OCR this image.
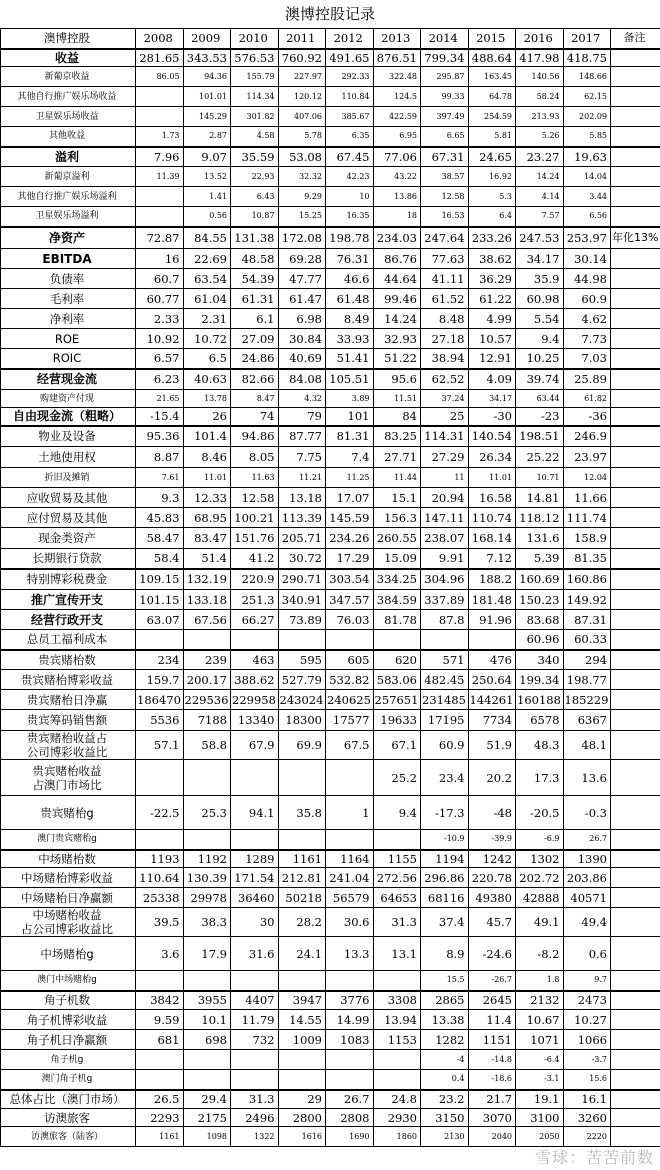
澳博控股记录
澳博控股	2008	2009	2010	2011	2012	2013	2014	2015	2016	2017	备注
收益	281.65	343.53	576.53	760.92	491.65	876.51	799.34	488.64	417.98	418.75	
新葡京收益	86.05	94.36	155.79	227.97	292.33	322.48	295.87	163.45	140.56	148.66	
其他自行推广娱乐场收益		101.01	114.34	120.12	110.84	124.5	99.33	64.78	58.24	62.15	
卫星娱乐场收益		145.29	301.82	407.06	385.67	422.59	397.49	254.59	213.93	202.09	
其他收益	1.73	2.87	4.58	5.78	6.35	6.95	6.65	5.81	5.26	5.85	
溢利	7.96	9.07	35.59	53.08	67.45	77.06	67.31	24.65	23.27	19.63	
新葡京溢利	11.39	13.52	22.93	32.32	42.23	43.22	38.57	16.92	14.24	14.04	
其他自行推广娱乐场溢利		1.41	6.43	9.29	10	13.86	12.58	5.3	4.14	3.44	
卫星娱乐场溢利		0.56	10.87	15.25	16.35	18	16.53	6.4	7.57	6.56	
净资产	72.87	84.55	131.38	172.08	198.78	234.03	247.64	233.26	247.53	253.97	年化13%
EBITDA	16	22.69	48.58	69.28	76.31	86.76	77.63	38.62	34.17	30.14	
负债率	60.7	63.54	54.39	47.77	46.6	44.64	41.11	36.29	35.9	44.98	
毛利率	60.77	61.04	61.31	61.47	61.48	99.46	61.52	61.22	60.98	60.9	
净利率	2.33	2.31	6.1	6.98	8.49	14.24	8.48	4.99	5.54	4.62	
ROE	10.92	10.72	27.09	30.84	33.93	32.93	27.18	10.57	9.4	7.73	
ROIC	6.57	6.5	24.86	40.69	51.41	51.22	38.94	12.91	10.25	7.03	
经营现金流	6.23	40.63	82.66	84.08	105.51	95.6	62.52	4.09	39.74	25.89	
购建资产付现	21.65	13.78	8.47	4.32	3.89	11.51	37.24	34.17	63.44	61.82	
自由现金流（粗略）	-15.4	26	74	79	101	84	25	-30	-23	-36	
物业及设备	95.36	101.4	94.86	87.77	81.31	83.25	114.31	140.54	198.51	246.9	
土地使用权	8.87	8.46	8.05	7.75	7.4	27.71	27.29	26.34	25.22	23.97	
折旧及摊销	7.61	11.01	11.63	11.21	11.25	11.44	11	11.01	10.71	12.04	
应收贸易及其他	9.3	12.33	12.58	13.18	17.07	15.1	20.94	16.58	14.81	11.66	
应付贸易及其他	45.83	68.95	100.21	113.39	145.59	156.3	147.11	110.74	118.12	111.74	
现金类资产	58.47	83.47	151.76	205.71	234.26	260.55	238.07	168.14	131.6	158.9	
长期银行贷款	58.4	51.4	41.2	30.72	17.29	15.09	9.91	7.12	5.39	81.35	
特别博彩税费金	109.15	132.19	220.9	290.71	303.54	334.25	304.96	188.2	160.69	160.86	
推广宣传开支	101.15	133.18	251.3	340.91	347.57	384.59	337.89	181.48	150.23	149.92	
经营行政开支	63.07	67.56	66.27	73.89	76.03	81.78	87.8	91.96	83.68	87.31	
总员工福利成本									60.96	60.33	
贵宾赌枱数	234	239	463	595	605	620	571	476	340	294	
贵宾赌枱博彩收益	159.7	200.17	388.62	527.79	532.82	583.06	482.45	250.64	199.34	198.77	
贵宾赌枱日净赢	186470	229536	229958	243024	240625	257651	231485	144261	160188	185229	
贵宾筹码销售额	5536	7188	13340	18300	17577	19633	17195	7734	6578	6367	
贵宾赌枱收益占
公司博彩收益比	57.1	58.8	67.9	69.9	67.5	67.1	60.9	51.9	48.3	48.1	
贵宾赌枱收益
占澳门市场比						25.2	23.4	20.2	17.3	13.6	
贵宾赌枱g	-22.5	25.3	94.1	35.8	1	9.4	-17.3	-48	-20.5	-0.3	
澳门贵宾赌枱g							-10.9	-39.9	-6.9	26.7	
中场赌枱数	1193	1192	1289	1161	1164	1155	1194	1242	1302	1390	
中场赌枱博彩收益	110.64	130.39	171.54	212.81	241.04	272.56	296.86	220.78	202.72	203.86	
中场赌枱日净赢额	25338	29978	36460	50218	56579	64653	68116	49380	42888	40571	
中场赌枱收益
占公司博彩收益比	39.5	38.3	30	28.2	30.6	31.3	37.4	45.7	49.1	49.4	
中场赌枱g	3.6	17.9	31.6	24.1	13.3	13.1	8.9	-24.6	-8.2	0.6	
澳门中场赌枱g							15.5	-26.7	1.8	9.7	
角子机数	3842	3955	4407	3947	3776	3308	2865	2645	2132	2473	
角子机博彩收益	9.59	10.1	11.79	14.55	14.99	13.94	13.38	11.4	10.67	10.27	
角子机日净赢额	681	698	732	1009	1083	1153	1282	1151	1071	1066	
角子机g							-4	-14.8	-6.4	-3.7	
澳门角子机g							0.4	-18.6	-3.1	15.6	
总体占比（澳门市场）	26.5	29.4	31.3	29	26.7	24.8	23.2	21.7	19.1	16.1	
访澳旅客	2293	2175	2496	2800	2808	2930	3150	3070	3100	3260	
访澳旅客（陆客）	1161	1098	1322	1616	1690	1860	2130	2040	2050	2220	
雪球：苦苦前数
